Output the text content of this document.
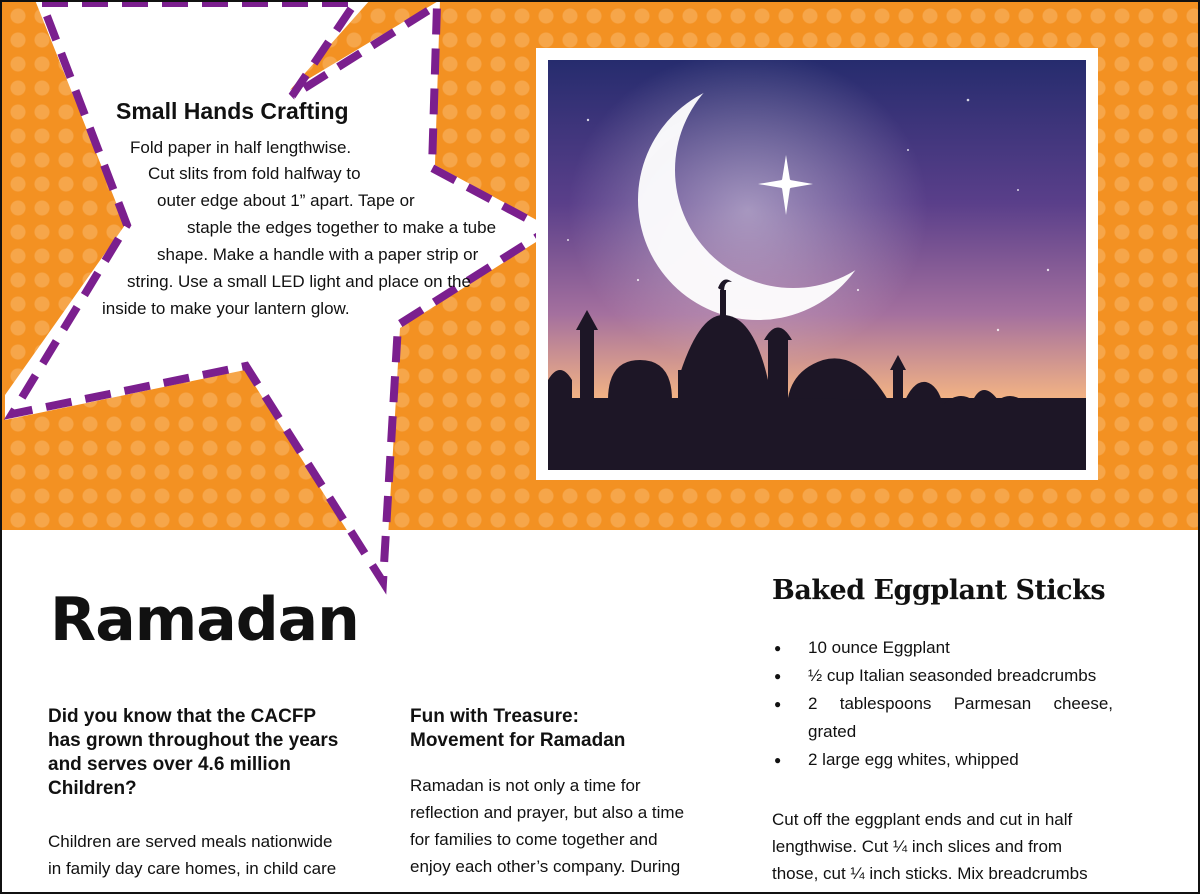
Small Hands Crafting
Fold paper in half lengthwise.
Cut slits from fold halfway to
outer edge about 1” apart. Tape or
staple the edges together to make a tube
shape. Make a handle with a paper strip or
string. Use a small LED light and place on the
inside to make your lantern glow.
Ramadan
Did you know that the CACFP
has grown throughout the years
and serves over 4.6 million
Children?
Children are served meals nationwide
in family day care homes, in child care
Fun with Treasure:
Movement for Ramadan
Ramadan is not only a time for
reflection and prayer, but also a time
for families to come together and
enjoy each other’s company. During
Baked Eggplant Sticks
● 10 ounce Eggplant
● ½ cup Italian seasonded breadcrumbs
● 2 tablespoons Parmesan cheese,
grated
● 2 large egg whites, whipped
Cut off the eggplant ends and cut in half
lengthwise. Cut ¼ inch slices and from
those, cut ¼ inch sticks. Mix breadcrumbs
